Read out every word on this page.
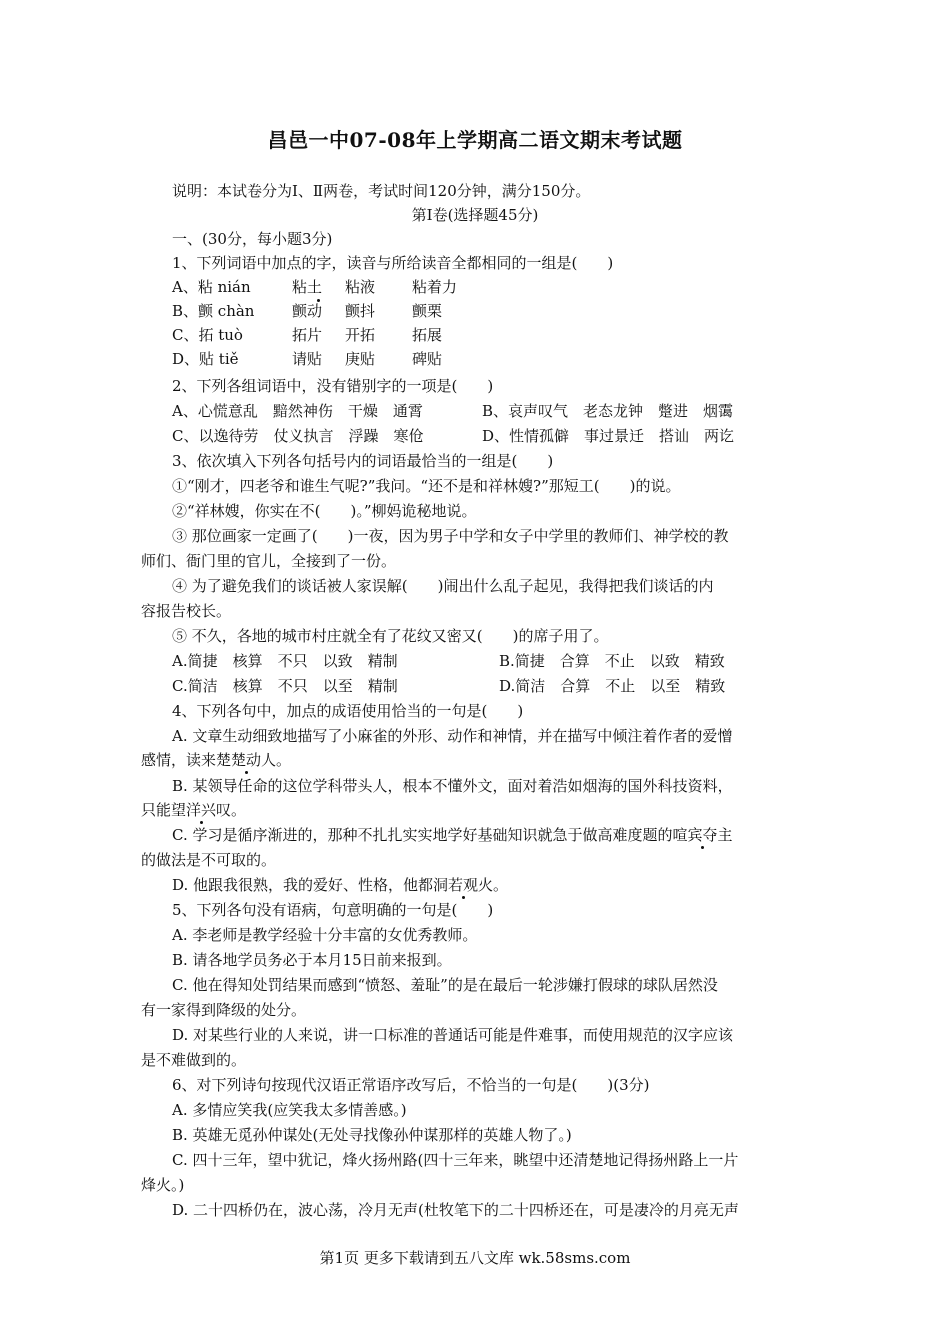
昌邑一中07-08年上学期高二语文期末考试题
说明：本试卷分为Ⅰ、Ⅱ两卷，考试时间120分钟，满分150分。
第Ⅰ卷(选择题45分)
一、(30分，每小题3分)
1、下列词语中加点的字，读音与所给读音全都相同的一组是(　　)
A、粘 nián	粘土 粘液 粘着力
B、颤 chàn	颤动 颤抖 颤栗
C、拓 tuò	拓片 开拓 拓展
D、贴 tiě	请贴 庚贴 碑贴
2、下列各组词语中，没有错别字的一项是(　　)
A、心慌意乱　黯然神伤　干燥　通霄	B、哀声叹气　老态龙钟　蹩进　烟霭
C、以逸待劳　仗义执言　浮躁　寒伧	D、性情孤僻　事过景迁　搭讪　两讫
3、依次填入下列各句括号内的词语最恰当的一组是(　　)
①“刚才，四老爷和谁生气呢?”我问。“还不是和祥林嫂?”那短工(　　)的说。
②“祥林嫂，你实在不(　　)。”柳妈诡秘地说。
③ 那位画家一定画了(　　)一夜，因为男子中学和女子中学里的教师们、神学校的教
师们、衙门里的官儿，全接到了一份。
④ 为了避免我们的谈话被人家误解(　　)闹出什么乱子起见，我得把我们谈话的内
容报告校长。
⑤ 不久，各地的城市村庄就全有了花纹又密又(　　)的席子用了。
A.简捷　核算　不只　以致　精制	B.简捷　合算　不止　以致　精致
C.简洁　核算　不只　以至　精制	D.简洁　合算　不止　以至　精致
4、下列各句中，加点的成语使用恰当的一句是(　　)
A. 文章生动细致地描写了小麻雀的外形、动作和神情，并在描写中倾注着作者的爱憎
感情，读来楚楚动人。
B. 某领导任命的这位学科带头人，根本不懂外文，面对着浩如烟海的国外科技资料，
只能望洋兴叹。
C. 学习是循序渐进的，那种不扎扎实实地学好基础知识就急于做高难度题的喧宾夺主
的做法是不可取的。
D. 他跟我很熟，我的爱好、性格，他都洞若观火。
5、下列各句没有语病，句意明确的一句是(　　)
A. 李老师是教学经验十分丰富的女优秀教师。
B. 请各地学员务必于本月15日前来报到。
C. 他在得知处罚结果而感到“愤怒、羞耻”的是在最后一轮涉嫌打假球的球队居然没
有一家得到降级的处分。
D. 对某些行业的人来说，讲一口标准的普通话可能是件难事，而使用规范的汉字应该
是不难做到的。
6、对下列诗句按现代汉语正常语序改写后，不恰当的一句是(　　)(3分)
A. 多情应笑我(应笑我太多情善感。)
B. 英雄无觅孙仲谋处(无处寻找像孙仲谋那样的英雄人物了。)
C. 四十三年，望中犹记，烽火扬州路(四十三年来，眺望中还清楚地记得扬州路上一片
烽火。)
D. 二十四桥仍在，波心荡，冷月无声(杜牧笔下的二十四桥还在，可是凄冷的月亮无声
第1页 更多下载请到五八文库 wk.58sms.com
